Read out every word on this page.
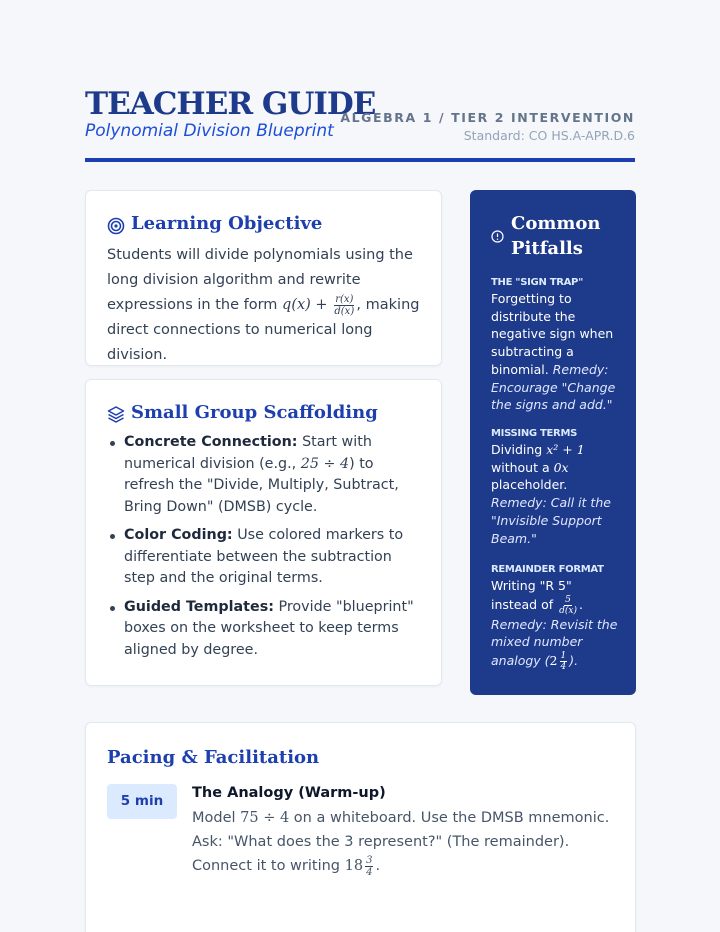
TEACHER GUIDE
Polynomial Division Blueprint
ALGEBRA 1 / TIER 2 INTERVENTION
Standard: CO HS.A-APR.D.6
Learning Objective
Students will divide polynomials using the long division algorithm and rewrite expressions in the form $q(x) + \frac{r(x)}{d(x)}$ , making direct connections to numerical long division.
Small Group Scaffolding
Concrete Connection: Start with numerical division (e.g., 25 ÷ 4) to refresh the "Divide, Multiply, Subtract, Bring Down" (DMSB) cycle.
Color Coding: Use colored markers to differentiate between the subtraction step and the original terms.
Guided Templates: Provide "blueprint" boxes on the worksheet to keep terms aligned by degree.
Common Pitfalls
THE "SIGN TRAP"
Forgetting to distribute the negative sign when subtracting a binomial. Remedy: Encourage "Change the signs and add."
MISSING TERMS
Dividing x² + 1 without a 0x placeholder. Remedy: Call it the "Invisible Support Beam."
REMAINDER FORMAT
Writing "R 5" instead of $\frac{5}{d(x)}$ . Remedy: Revisit the mixed number analogy ($2 \frac{1}{4}$ ).
Pacing & Facilitation
5 min	The Analogy (Warm-up)
Model 75 ÷ 4 on a whiteboard. Use the DMSB mnemonic. Ask: "What does the 3 represent?" (The remainder). Connect it to writing $18 \frac{3}{4}$ .
